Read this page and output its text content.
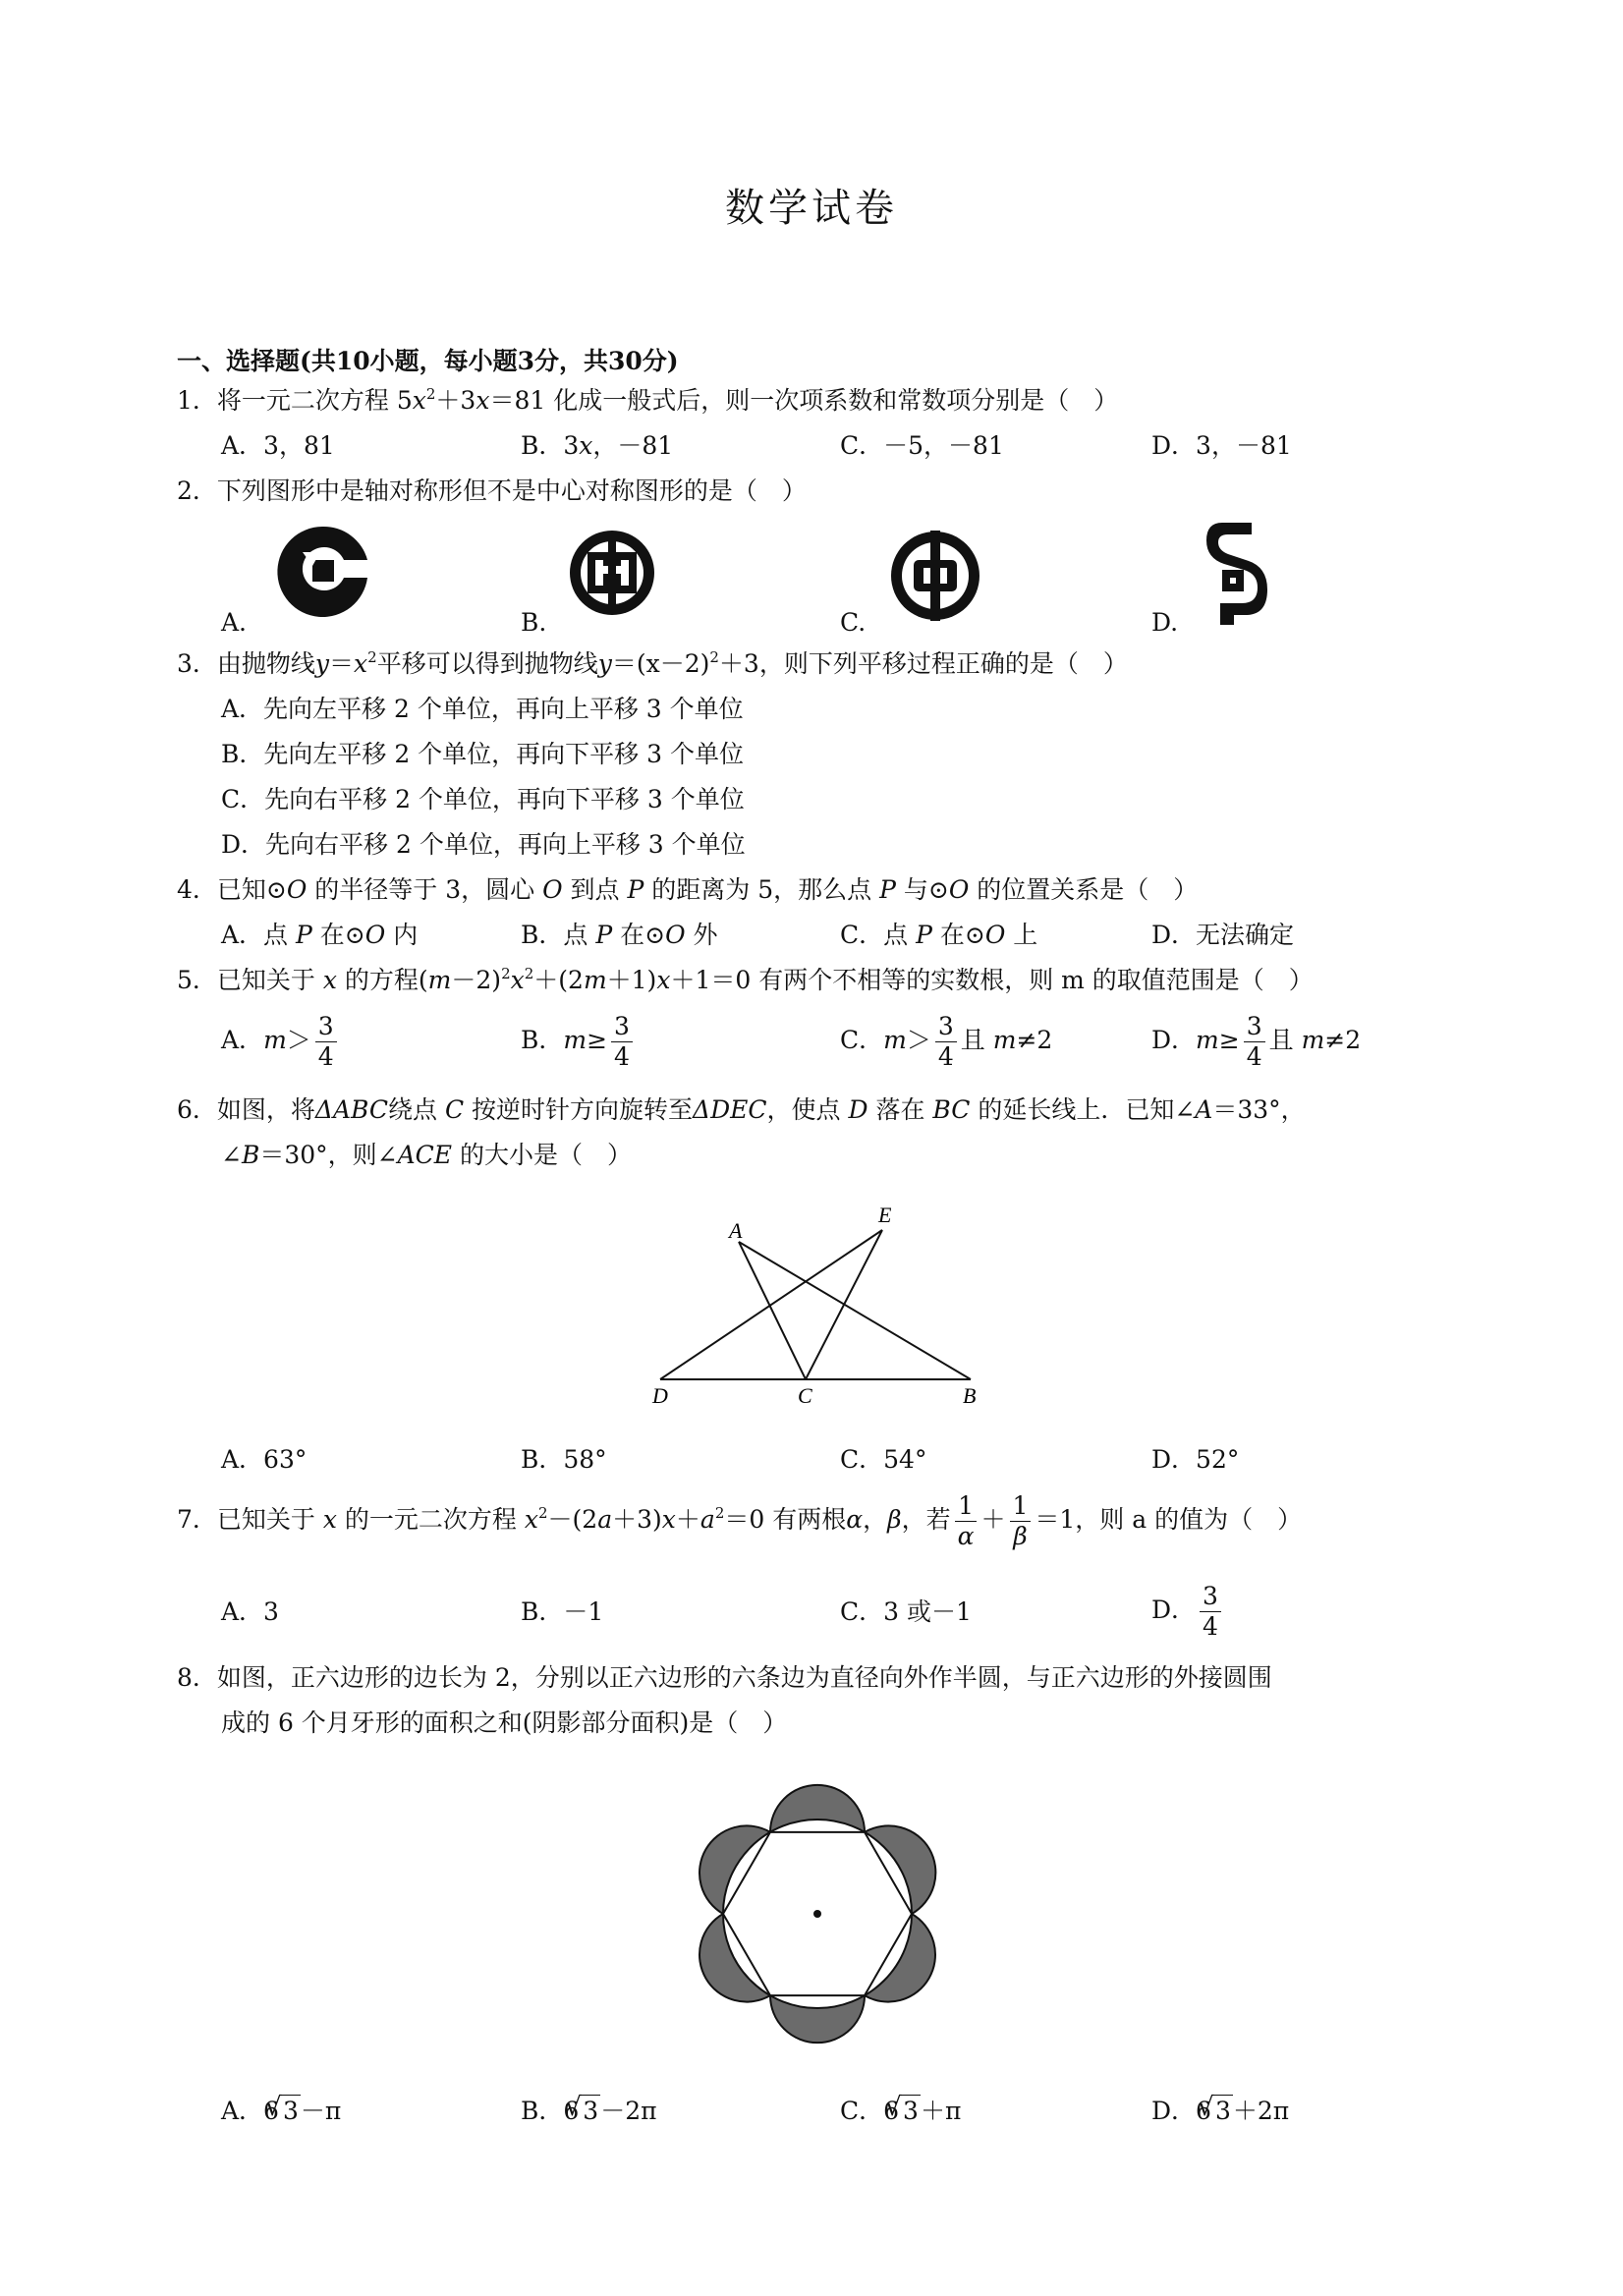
数学试卷
一、选择题(共10小题，每小题3分，共30分)
1．将一元二次方程 $5x^2+3x=81$ 化成一般式后，则一次项系数和常数项分别是（　）
A．3，81	B．3x，－81	C．－5，－81	D．3，－81
2．下列图形中是轴对称形但不是中心对称图形的是（　）
A.	B.	C.	D.
3．由抛物线$y=x^2$平移可以得到抛物线$y=(x-2)^2+3$，则下列平移过程正确的是（　）
A．先向左平移 2 个单位，再向上平移 3 个单位
B．先向左平移 2 个单位，再向下平移 3 个单位
C．先向右平移 2 个单位，再向下平移 3 个单位
D．先向右平移 2 个单位，再向上平移 3 个单位
4．已知⊙O 的半径等于 3，圆心 O 到点 P 的距离为 5，那么点 P 与⊙O 的位置关系是（　）
A．点 P 在⊙O 内	B．点 P 在⊙O 外	C．点 P 在⊙O 上	D．无法确定
5．已知关于 x 的方程$(m-2)^2x^2+(2m+1)x+1=0$ 有两个不相等的实数根，则 m 的取值范围是（　）
A．$m> \frac{3}{4}$	B．$m\ge \frac{3}{4}$	C．$m> \frac{3}{4}$ 且 m≠2	D．$m\ge \frac{3}{4}$ 且 m≠2
6．如图，将ΔABC绕点 C 按逆时针方向旋转至ΔDEC，使点 D 落在 BC 的延长线上．已知∠A＝33°，
∠B＝30°，则∠ACE 的大小是（　）
A
E
D	C	B
A．63°	B．58°	C．54°	D．52°
7．已知关于 x 的一元二次方程 $x^2-(2a+3)x+a^2=0$ 有两根α，β，若 $\frac{1}{\alpha} + \frac{1}{\beta} =1$，则 a 的值为（　）
A．3	B．－1	C．3 或－1	D． $\frac{3}{4}$
8．如图，正六边形的边长为 2，分别以正六边形的六条边为直径向外作半圆，与正六边形的外接圆围
成的 6 个月牙形的面积之和(阴影部分面积)是（　）
A．6 √ 3－π	B．6 √ 3－2π	C．6 √ 3＋π	D．6 √ 3＋2π
